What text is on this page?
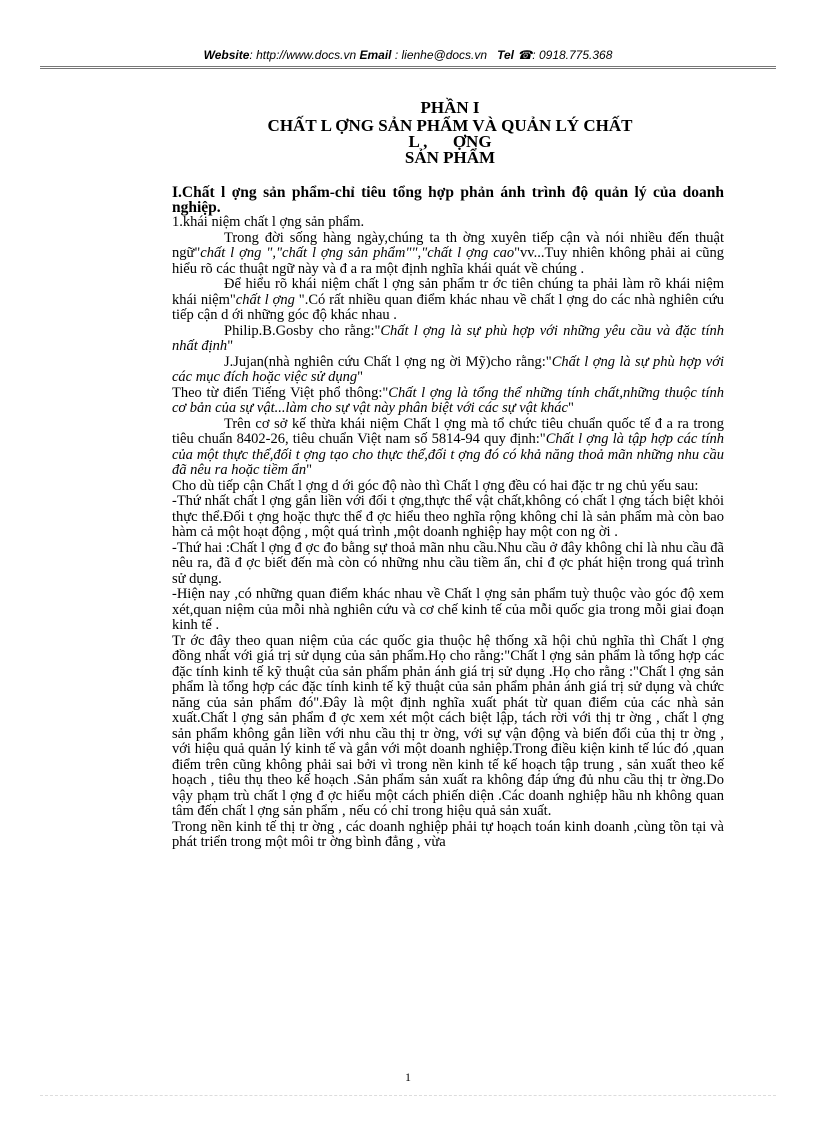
Website: http://www.docs.vn Email : lienhe@docs.vn Tel ☎: 0918.775.368
PHẦN I
CHẤT L ỢNG SẢN PHẨM VÀ QUẢN LÝ CHẤT
L ,      ỢNG
SẢN PHẨM

I.Chất l ợng sản phẩm-chỉ tiêu tổng hợp phản ánh trình độ quản lý của doanh nghiệp.

1.khái niệm chất l ợng sản phẩm.

Trong đời sống hàng ngày,chúng ta th ờng xuyên tiếp cận và nói nhiều đến thuật ngữ"chất l ợng ","chất l ợng sản phẩm"","chất l ợng cao"vv...Tuy nhiên không phải ai cũng hiểu rõ các thuật ngữ này và đ a ra một định nghĩa khái quát về chúng .

Để hiểu rõ khái niệm chất l ợng sản phẩm tr ớc tiên chúng ta phải làm rõ khái niệm khái niệm"chất l ợng ".Có rất nhiều quan điểm khác nhau về chất l ợng do các nhà nghiên cứu tiếp cận d ới những góc độ khác nhau .

Philip.B.Gosby cho rằng:"Chất l ợng là sự phù hợp với những yêu cầu và đặc tính nhất định"

J.Jujan(nhà nghiên cứu Chất l ợng ng ời Mỹ)cho rằng:"Chất l ợng là sự phù hợp với các mục đích hoặc việc sử dụng"

Theo từ điển Tiếng Việt phổ thông:"Chất l ợng là tổng thể những tính chất,những thuộc tính cơ bản của sự vật...làm cho sự vật này phân biệt với các sự vật khác"

Trên cơ sở kế thừa khái niệm Chất l ợng mà tổ chức tiêu chuẩn quốc tế đ a ra trong tiêu chuẩn 8402-26, tiêu chuẩn Việt nam số 5814-94 quy định:"Chất l ợng là tập hợp các tính của một thực thể,đối t ợng tạo cho thực thể,đối t ợng đó có khả năng thoả mãn những nhu cầu đã nêu ra hoặc tiềm ẩn"

Cho dù tiếp cận Chất l ợng d ới góc độ nào thì Chất l ợng đều có hai đặc tr ng chủ yếu sau:

-Thứ nhất chất l ợng gắn liền với đối t ợng,thực thể vật chất,không có chất l ợng tách biệt khỏi thực thể.Đối t ợng hoặc thực thể đ ợc hiểu theo nghĩa rộng không chỉ là sản phẩm mà còn bao hàm cả một hoạt động , một quá trình ,một doanh nghiệp hay một con ng ời .

-Thứ hai :Chất l ợng đ ợc đo bằng sự thoả mãn nhu cầu.Nhu cầu ở đây không chỉ là nhu cầu đã nêu ra, đã đ ợc biết đến mà còn có những nhu cầu tiềm ẩn, chỉ đ ợc phát hiện trong quá trình sử dụng.

-Hiện nay ,có những quan điểm khác nhau về Chất l ợng sản phẩm tuỳ thuộc vào góc độ xem xét,quan niệm của mỗi nhà nghiên cứu và cơ chế kinh tế của mỗi quốc gia trong mỗi giai đoạn kinh tế .

Tr ớc đây theo quan niệm của các quốc gia thuộc hệ thống xã hội chủ nghĩa thì Chất l ợng đồng nhất với giá trị sử dụng của sản phẩm.Họ cho rằng:"Chất l ợng sản phẩm là tổng hợp các đặc tính kinh tế kỹ thuật của sản phẩm phản ánh giá trị sử dụng .Họ cho rằng :"Chất l ợng sản phẩm là tổng hợp các đặc tính kinh tế kỹ thuật của sản phẩm phản ánh giá trị sử dụng và chức năng của sản phẩm đó".Đây là một định nghĩa xuất phát từ quan điểm của các nhà sản xuất.Chất l ợng sản phẩm đ ợc xem xét một cách biệt lập, tách rời với thị tr ờng , chất l ợng sản phẩm không gắn liền với nhu cầu thị tr ờng, với sự vận động và biến đổi của thị tr ờng , với hiệu quả quản lý kinh tế và gắn với một doanh nghiệp.Trong điều kiện kinh tế lúc đó ,quan điểm trên cũng không phải sai bởi vì trong nền kinh tế kế hoạch tập trung , sản xuất theo kế hoạch , tiêu thụ theo kế hoạch .Sản phẩm sản xuất ra không đáp ứng đủ nhu cầu thị tr ờng.Do vậy phạm trù chất l ợng đ ợc hiểu một cách phiến diện .Các doanh nghiệp hầu nh không quan tâm đến chất l ợng sản phẩm , nếu có chỉ trong hiệu quả sản xuất.

Trong nền kinh tế thị tr ờng , các doanh nghiệp phải tự hoạch toán kinh doanh ,cùng tồn tại và phát triển trong một môi tr ờng bình đẳng , vừa

1
